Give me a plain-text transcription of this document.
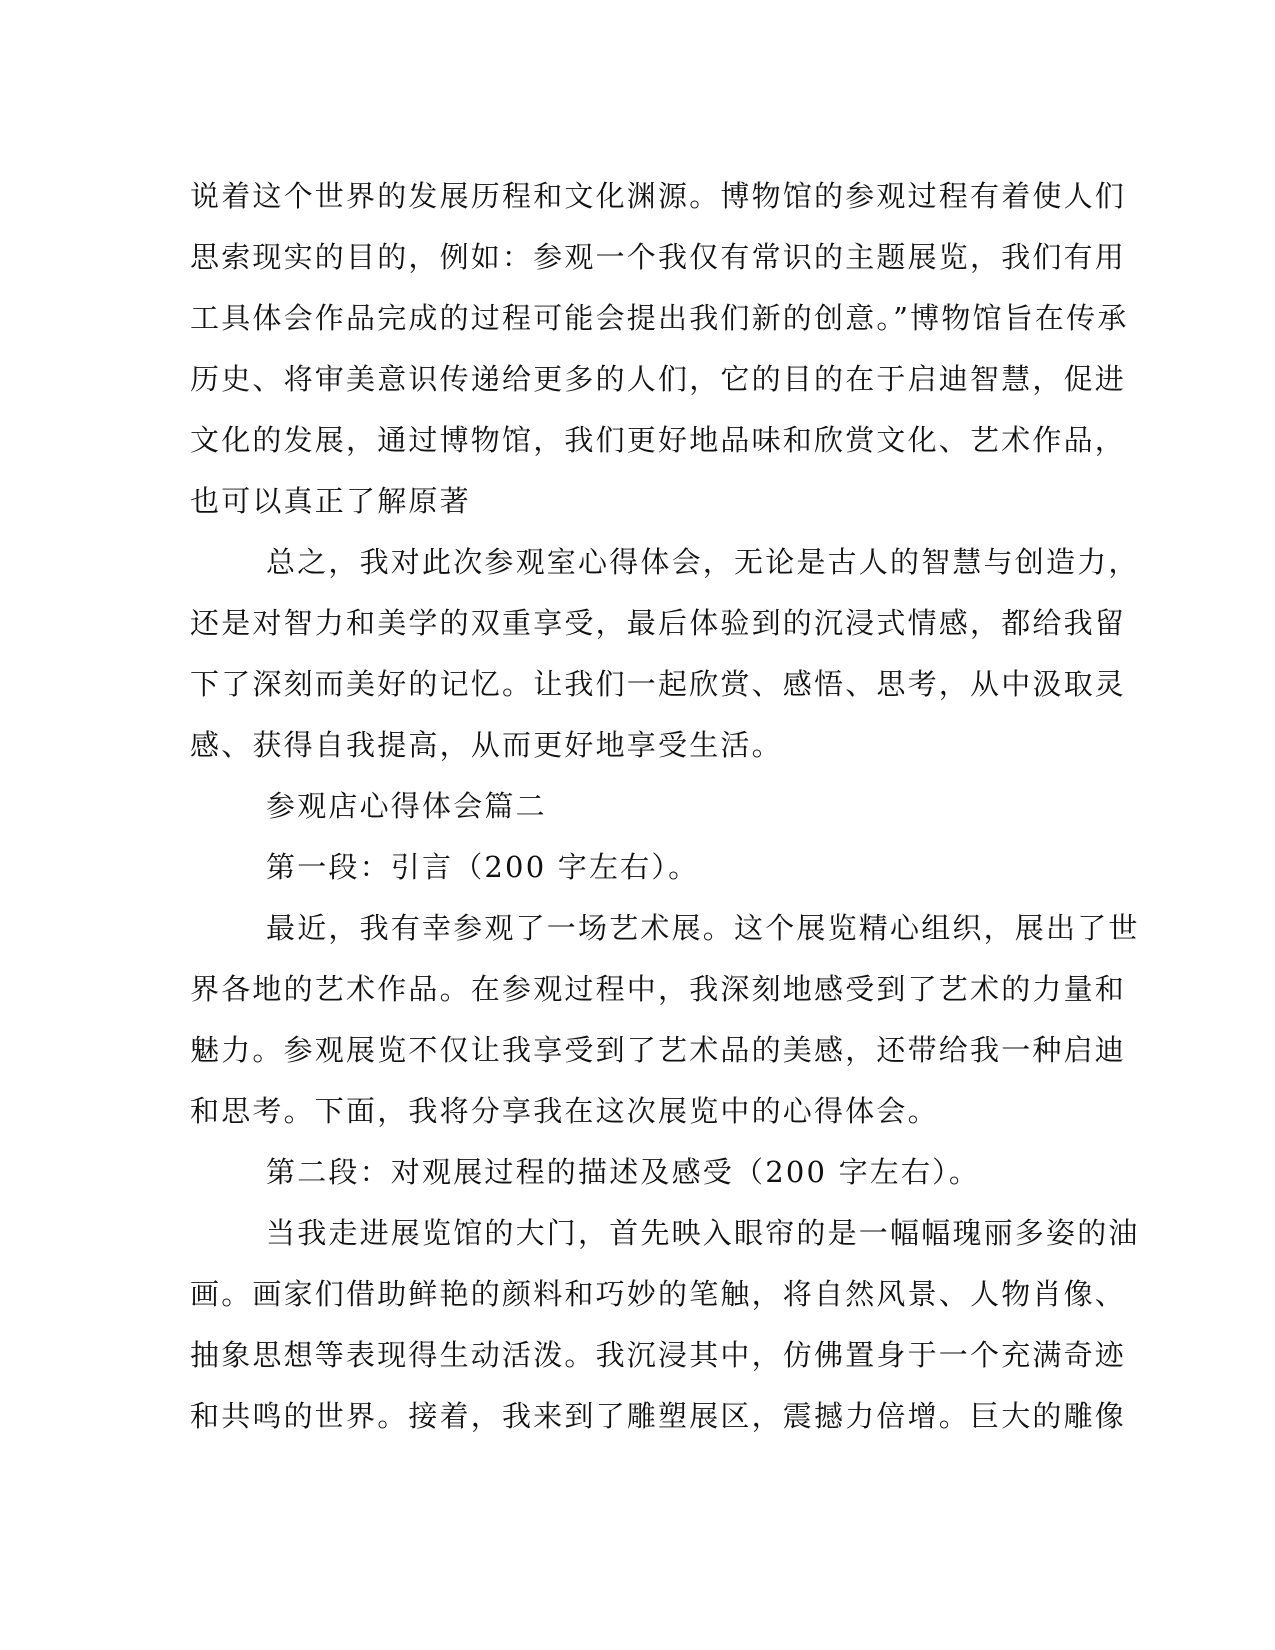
说着这个世界的发展历程和文化渊源。博物馆的参观过程有着使人们
思索现实的目的，例如：参观一个我仅有常识的主题展览，我们有用
工具体会作品完成的过程可能会提出我们新的创意。”博物馆旨在传承
历史、将审美意识传递给更多的人们，它的目的在于启迪智慧，促进
文化的发展，通过博物馆，我们更好地品味和欣赏文化、艺术作品，
也可以真正了解原著
总之，我对此次参观室心得体会，无论是古人的智慧与创造力，
还是对智力和美学的双重享受，最后体验到的沉浸式情感，都给我留
下了深刻而美好的记忆。让我们一起欣赏、感悟、思考，从中汲取灵
感、获得自我提高，从而更好地享受生活。
参观店心得体会篇二
第一段：引言（200 字左右）。
最近，我有幸参观了一场艺术展。这个展览精心组织，展出了世
界各地的艺术作品。在参观过程中，我深刻地感受到了艺术的力量和
魅力。参观展览不仅让我享受到了艺术品的美感，还带给我一种启迪
和思考。下面，我将分享我在这次展览中的心得体会。
第二段：对观展过程的描述及感受（200 字左右）。
当我走进展览馆的大门，首先映入眼帘的是一幅幅瑰丽多姿的油
画。画家们借助鲜艳的颜料和巧妙的笔触，将自然风景、人物肖像、
抽象思想等表现得生动活泼。我沉浸其中，仿佛置身于一个充满奇迹
和共鸣的世界。接着，我来到了雕塑展区，震撼力倍增。巨大的雕像
